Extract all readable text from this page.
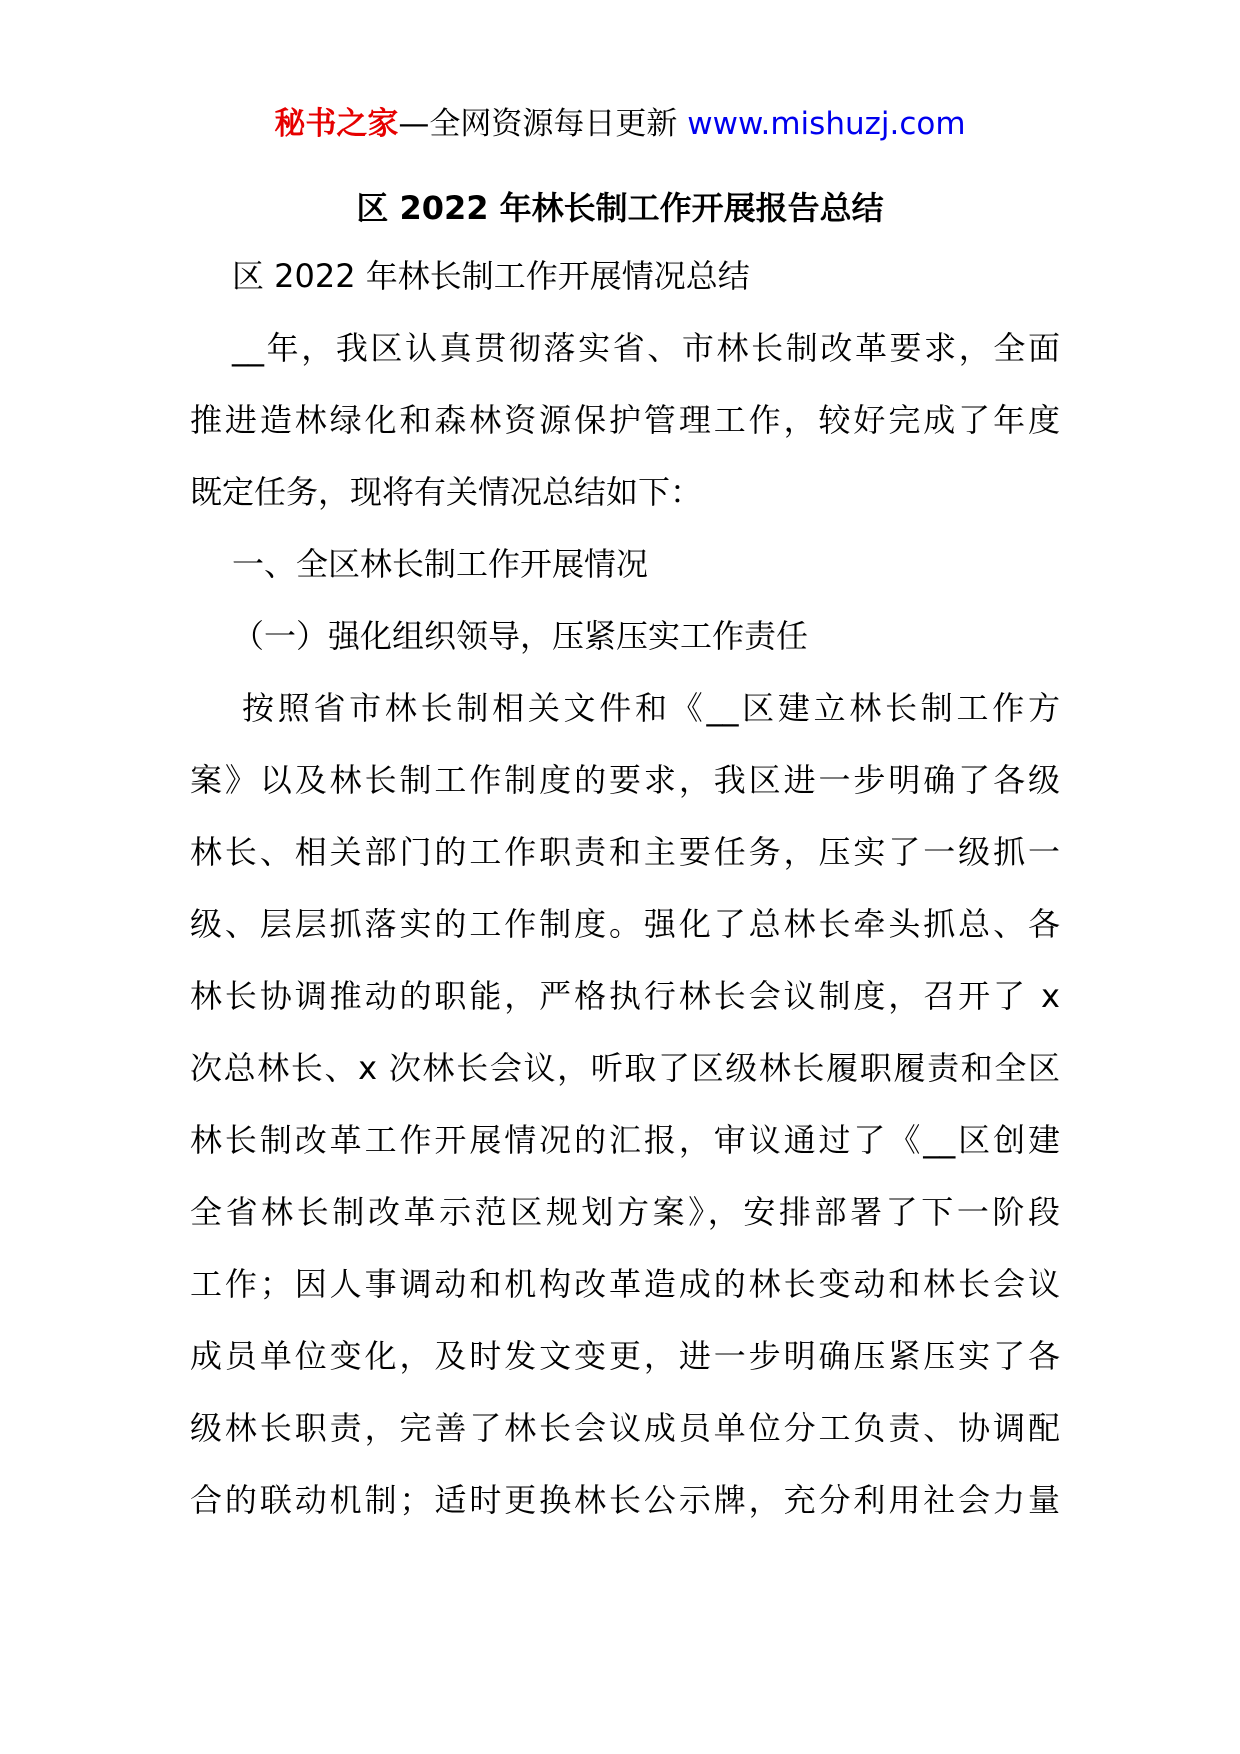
秘书之家—全网资源每日更新 www.mishuzj.com
区 2022 年林长制工作开展报告总结
区 2022 年林长制工作开展情况总结
__年，我区认真贯彻落实省、市林长制改革要求，全面
推进造林绿化和森林资源保护管理工作，较好完成了年度
既定任务，现将有关情况总结如下：
一、全区林长制工作开展情况
（一）强化组织领导，压紧压实工作责任
按照省市林长制相关文件和《__区建立林长制工作方
案》以及林长制工作制度的要求，我区进一步明确了各级
林长、相关部门的工作职责和主要任务，压实了一级抓一
级、层层抓落实的工作制度。强化了总林长牵头抓总、各
林长协调推动的职能，严格执行林长会议制度，召开了 x
次总林长、x 次林长会议，听取了区级林长履职履责和全区
林长制改革工作开展情况的汇报，审议通过了《__区创建
全省林长制改革示范区规划方案》，安排部署了下一阶段
工作；因人事调动和机构改革造成的林长变动和林长会议
成员单位变化，及时发文变更，进一步明确压紧压实了各
级林长职责，完善了林长会议成员单位分工负责、协调配
合的联动机制；适时更换林长公示牌，充分利用社会力量
